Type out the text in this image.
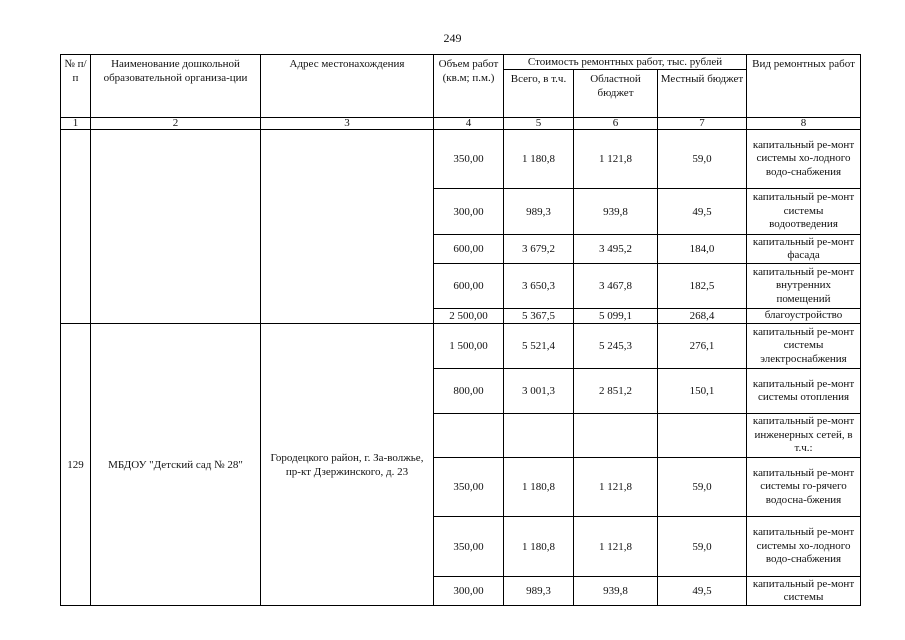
249
№ п/п	Наименование дошкольной образовательной организа-ции	Адрес местонахождения	Объем работ (кв.м; п.м.)	Стоимость ремонтных работ, тыс. рублей			Вид ремонтных работ
				Всего, в т.ч.	Областной бюджет	Местный бюджет	
1	2	3	4	5	6	7	8
			350,00	1 180,8	1 121,8	59,0	капитальный ре-монт системы хо-лодного водо-снабжения
			300,00	989,3	939,8	49,5	капитальный ре-монт системы водоотведения
			600,00	3 679,2	3 495,2	184,0	капитальный ре-монт фасада
			600,00	3 650,3	3 467,8	182,5	капитальный ре-монт внутренних помещений
			2 500,00	5 367,5	5 099,1	268,4	благоустройство
129	МБДОУ "Детский сад № 28"	Городецкого район, г. За-волжье, пр-кт Дзержинского, д. 23	1 500,00	5 521,4	5 245,3	276,1	капитальный ре-монт системы электроснабжения
			800,00	3 001,3	2 851,2	150,1	капитальный ре-монт системы отопления
							капитальный ре-монт инженерных сетей, в т.ч.:
			350,00	1 180,8	1 121,8	59,0	капитальный ре-монт системы го-рячего водосна-бжения
			350,00	1 180,8	1 121,8	59,0	капитальный ре-монт системы хо-лодного водо-снабжения
			300,00	989,3	939,8	49,5	капитальный ре-монт системы
